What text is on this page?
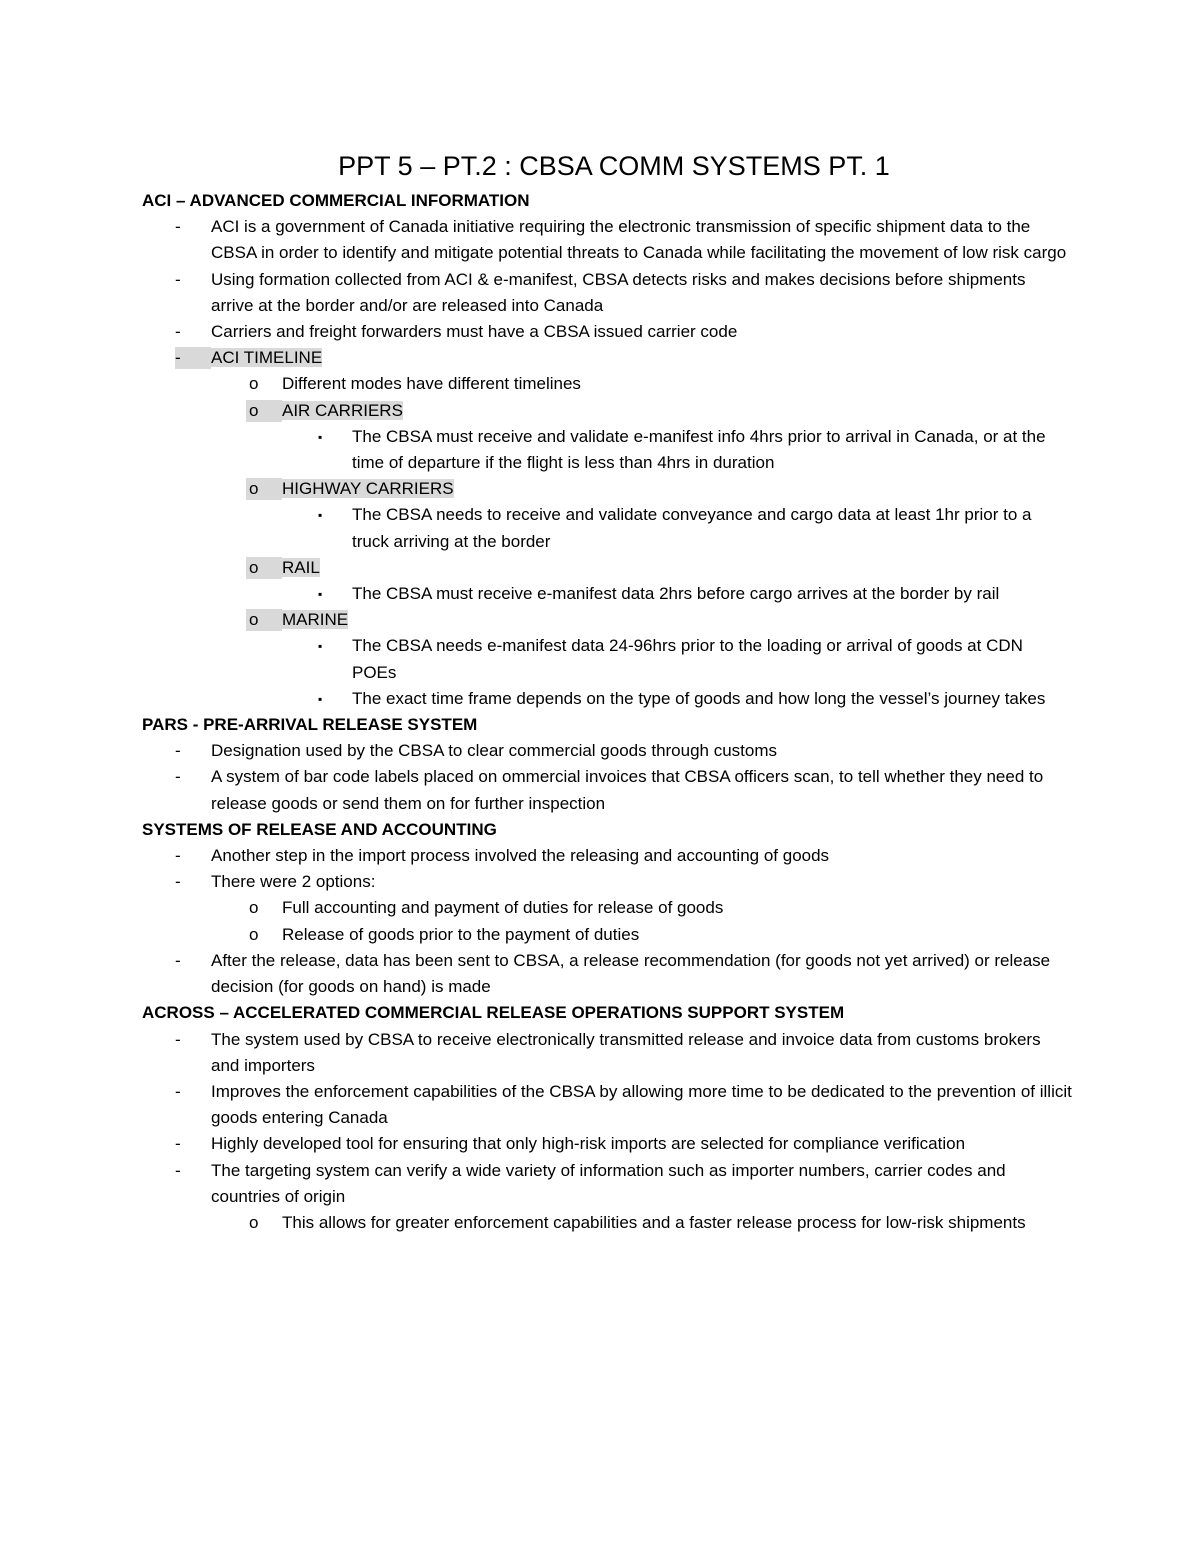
PPT 5 – PT.2 : CBSA COMM SYSTEMS PT. 1

ACI – ADVANCED COMMERCIAL INFORMATION

- ACI is a government of Canada initiative requiring the electronic transmission of specific shipment data to the CBSA in order to identify and mitigate potential threats to Canada while facilitating the movement of low risk cargo
- Using formation collected from ACI & e-manifest, CBSA detects risks and makes decisions before shipments arrive at the border and/or are released into Canada
- Carriers and freight forwarders must have a CBSA issued carrier code
- ACI TIMELINE
o Different modes have different timelines
o AIR CARRIERS
▪ The CBSA must receive and validate e-manifest info 4hrs prior to arrival in Canada, or at the time of departure if the flight is less than 4hrs in duration
o HIGHWAY CARRIERS
▪ The CBSA needs to receive and validate conveyance and cargo data at least 1hr prior to a truck arriving at the border
o RAIL
▪ The CBSA must receive e-manifest data 2hrs before cargo arrives at the border by rail
o MARINE
▪ The CBSA needs e-manifest data 24-96hrs prior to the loading or arrival of goods at CDN POEs
▪ The exact time frame depends on the type of goods and how long the vessel’s journey takes

PARS - PRE-ARRIVAL RELEASE SYSTEM

- Designation used by the CBSA to clear commercial goods through customs
- A system of bar code labels placed on ommercial invoices that CBSA officers scan, to tell whether they need to release goods or send them on for further inspection

SYSTEMS OF RELEASE AND ACCOUNTING

- Another step in the import process involved the releasing and accounting of goods
- There were 2 options:
o Full accounting and payment of duties for release of goods
o Release of goods prior to the payment of duties
- After the release, data has been sent to CBSA, a release recommendation (for goods not yet arrived) or release decision (for goods on hand) is made

ACROSS – ACCELERATED COMMERCIAL RELEASE OPERATIONS SUPPORT SYSTEM

- The system used by CBSA to receive electronically transmitted release and invoice data from customs brokers and importers
- Improves the enforcement capabilities of the CBSA by allowing more time to be dedicated to the prevention of illicit goods entering Canada
- Highly developed tool for ensuring that only high-risk imports are selected for compliance verification
- The targeting system can verify a wide variety of information such as importer numbers, carrier codes and countries of origin
o This allows for greater enforcement capabilities and a faster release process for low-risk shipments
